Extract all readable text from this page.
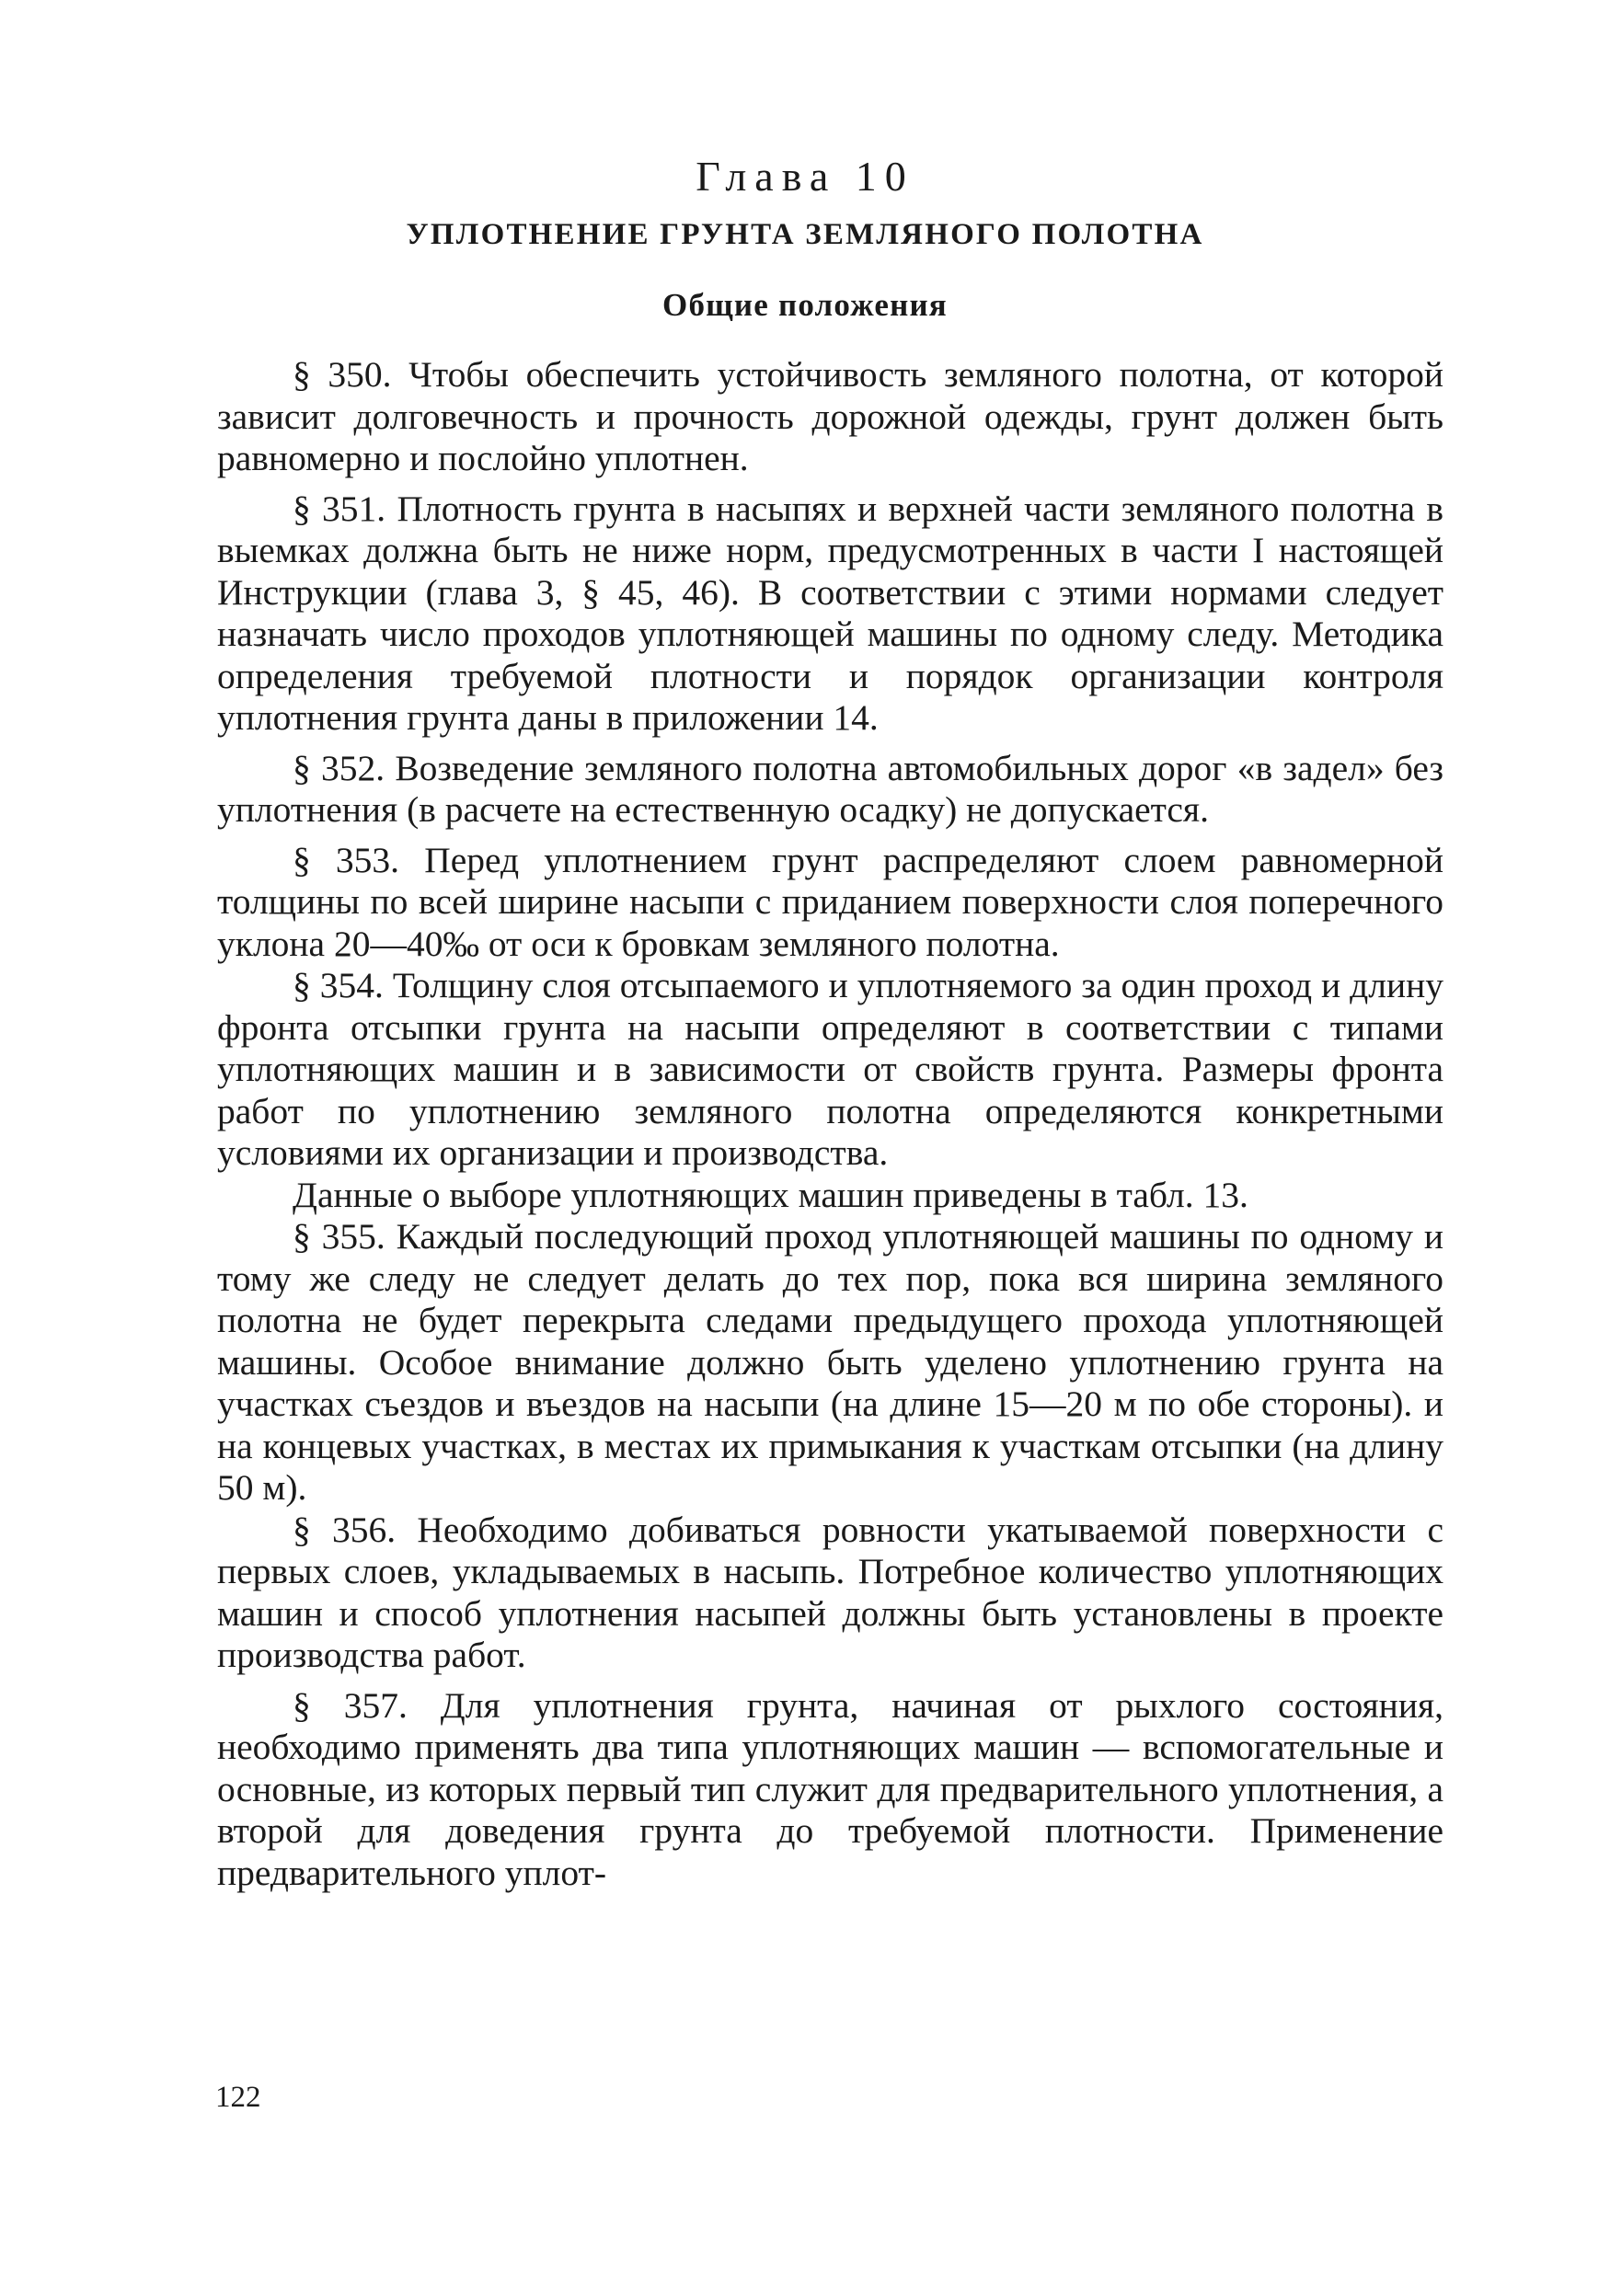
Глава 10
УПЛОТНЕНИЕ ГРУНТА ЗЕМЛЯНОГО ПОЛОТНА
Общие положения

§ 350. Чтобы обеспечить устойчивость земляного полотна, от которой зависит долговечность и прочность дорожной одежды, грунт должен быть равномерно и послойно уплотнен.

§ 351. Плотность грунта в насыпях и верхней части земляного полотна в выемках должна быть не ниже норм, предусмотренных в части I настоящей Инструкции (глава 3, § 45, 46). В соответствии с этими нормами следует назначать число проходов уплотняющей машины по одному следу. Методика определения требуемой плотности и порядок организации контроля уплотнения грунта даны в приложении 14.

§ 352. Возведение земляного полотна автомобильных дорог «в задел» без уплотнения (в расчете на естественную осадку) не допускается.

§ 353. Перед уплотнением грунт распределяют слоем равномерной толщины по всей ширине насыпи с приданием поверхности слоя поперечного уклона 20—40‰ от оси к бровкам земляного полотна.

§ 354. Толщину слоя отсыпаемого и уплотняемого за один проход и длину фронта отсыпки грунта на насыпи определяют в соответствии с типами уплотняющих машин и в зависимости от свойств грунта. Размеры фронта работ по уплотнению земляного полотна определяются конкретными условиями их организации и производства.

Данные о выборе уплотняющих машин приведены в табл. 13.

§ 355. Каждый последующий проход уплотняющей машины по одному и тому же следу не следует делать до тех пор, пока вся ширина земляного полотна не будет перекрыта следами предыдущего прохода уплотняющей машины. Особое внимание должно быть уделено уплотнению грунта на участках съездов и въездов на насыпи (на длине 15—20 м по обе стороны). и на концевых участках, в местах их примыкания к участкам отсыпки (на длину 50 м).

§ 356. Необходимо добиваться ровности укатываемой поверхности с первых слоев, укладываемых в насыпь. Потребное количество уплотняющих машин и способ уплотнения насыпей должны быть установлены в проекте производства работ.

§ 357. Для уплотнения грунта, начиная от рыхлого состояния, необходимо применять два типа уплотняющих машин — вспомогательные и основные, из которых первый тип служит для предварительного уплотнения, а второй для доведения грунта до требуемой плотности. Применение предварительного уплот-

122
